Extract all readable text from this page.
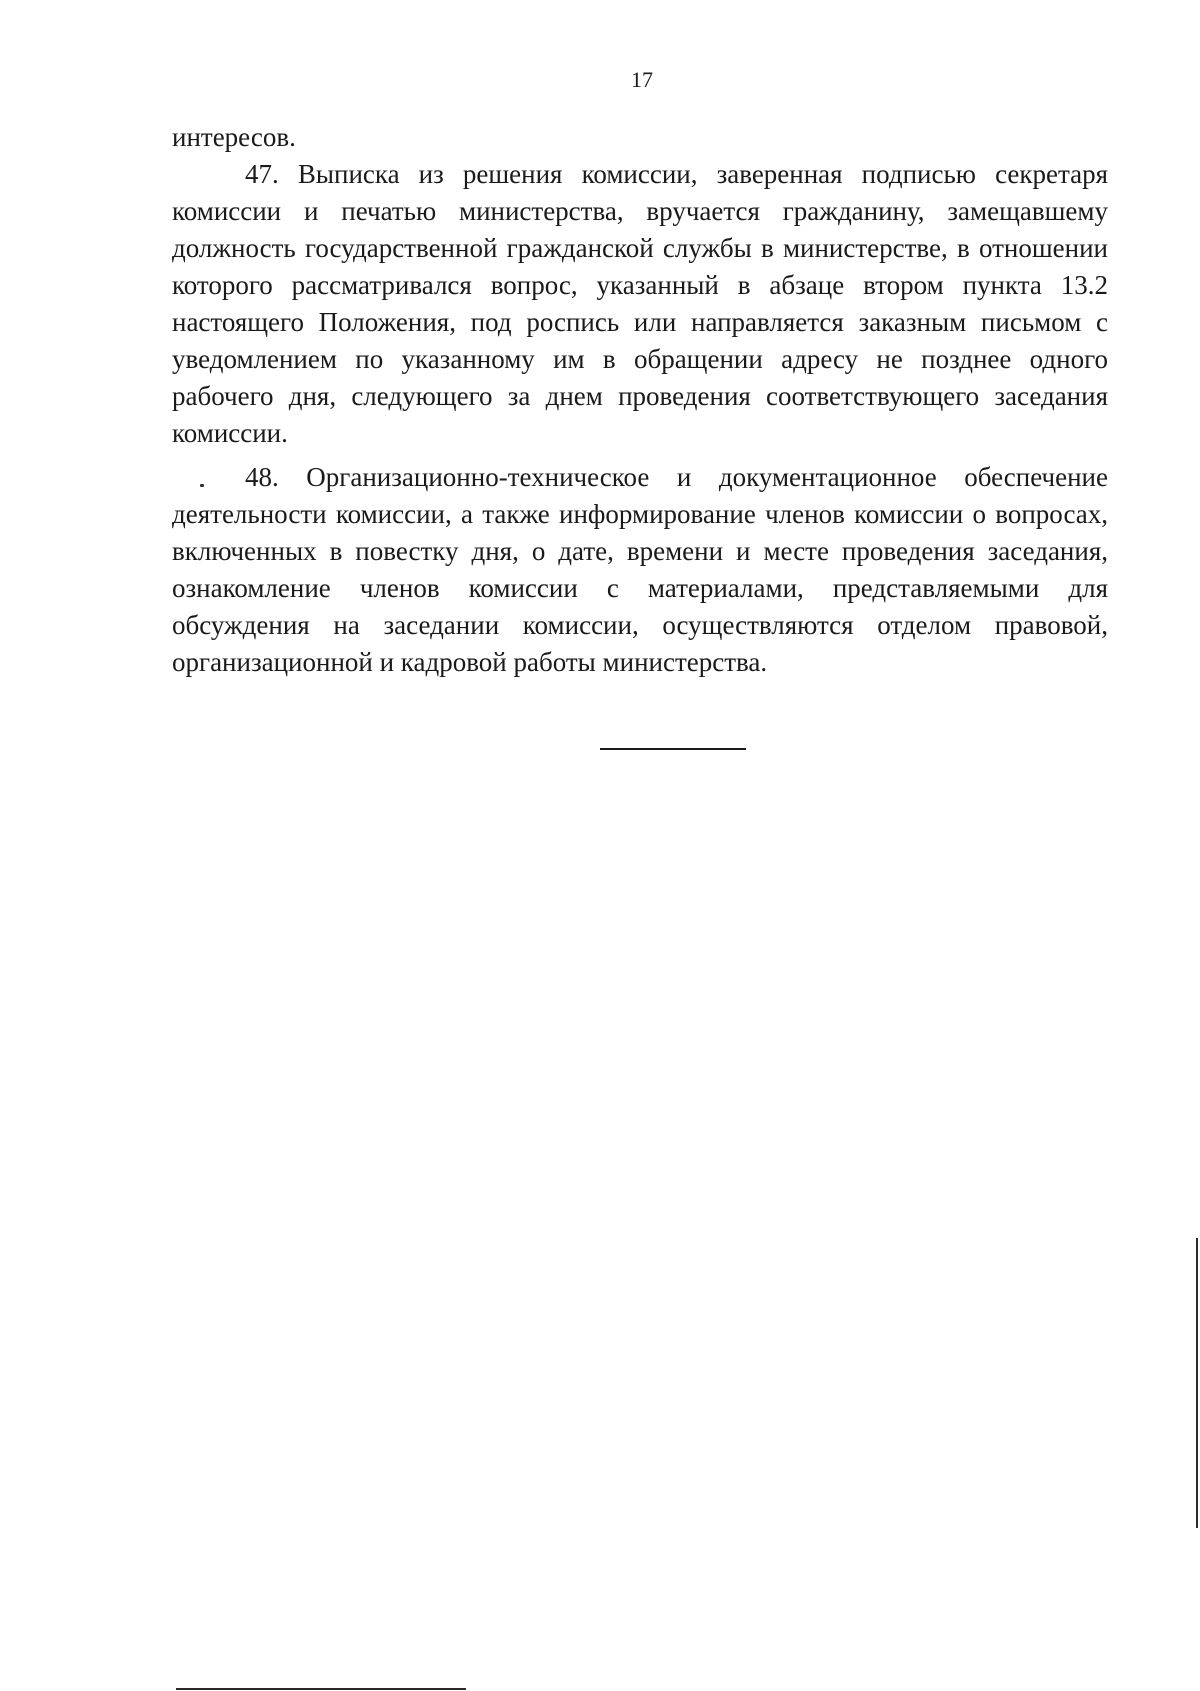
17

интересов.

47. Выписка из решения комиссии, заверенная подписью секретаря комиссии и печатью министерства, вручается гражданину, замещавшему должность государственной гражданской службы в министерстве, в отношении которого рассматривался вопрос, указанный в абзаце втором пункта 13.2 настоящего Положения, под роспись или направляется заказным письмом с уведомлением по указанному им в обращении адресу не позднее одного рабочего дня, следующего за днем проведения соответствующего заседания комиссии.

48. Организационно-техническое и документационное обеспечение деятельности комиссии, а также информирование членов комиссии о вопросах, включенных в повестку дня, о дате, времени и месте проведения заседания, ознакомление членов комиссии с материалами, представляемыми для обсуждения на заседании комиссии, осуществляются отделом правовой, организационной и кадровой работы министерства.
